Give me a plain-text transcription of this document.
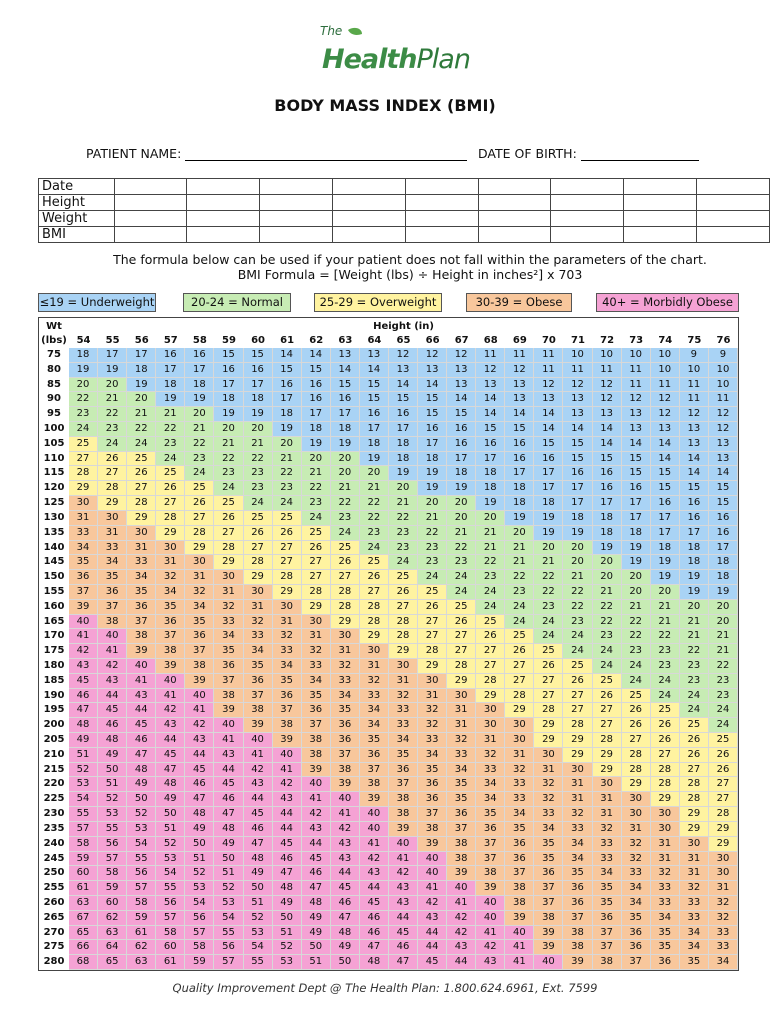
The
HealthPlan
BODY MASS INDEX (BMI)
PATIENT NAME:	DATE OF BIRTH:
Date									
Height									
Weight									
BMI									
The formula below can be used if your patient does not fall within the parameters of the chart.
BMI Formula = [Weight (lbs) ÷ Height in inches²] x 703
≤19 = Underweight	20-24 = Normal	25-29 = Overweight	30-39 = Obese	40+ = Morbidly Obese
Wt
(lbs)
Height (in)
54	55	56	57	58	59	60	61	62	63	64	65	66	67	68	69	70	71	72	73	74	75	76
75	18	17	17	16	16	15	15	14	14	13	13	12	12	12	11	11	11	10	10	10	10	9	9
80	19	19	18	17	17	16	16	15	15	14	14	13	13	13	12	12	11	11	11	11	10	10	10
85	20	20	19	18	18	17	17	16	16	15	15	14	14	13	13	13	12	12	12	11	11	11	10
90	22	21	20	19	19	18	18	17	16	16	15	15	15	14	14	13	13	13	12	12	12	11	11
95	23	22	21	21	20	19	19	18	17	17	16	16	15	15	14	14	14	13	13	13	12	12	12
100	24	23	22	22	21	20	20	19	18	18	17	17	16	16	15	15	14	14	14	13	13	13	12
105	25	24	24	23	22	21	21	20	19	19	18	18	17	16	16	16	15	15	14	14	14	13	13
110	27	26	25	24	23	22	22	21	20	20	19	18	18	17	17	16	16	15	15	15	14	14	13
115	28	27	26	25	24	23	23	22	21	20	20	19	19	18	18	17	17	16	16	15	15	14	14
120	29	28	27	26	25	24	23	23	22	21	21	20	19	19	18	18	17	17	16	16	15	15	15
125	30	29	28	27	26	25	24	24	23	22	22	21	20	20	19	18	18	17	17	17	16	16	15
130	31	30	29	28	27	26	25	25	24	23	22	22	21	20	20	19	19	18	18	17	17	16	16
135	33	31	30	29	28	27	26	26	25	24	23	23	22	21	21	20	19	19	18	18	17	17	16
140	34	33	31	30	29	28	27	27	26	25	24	23	23	22	21	21	20	20	19	19	18	18	17
145	35	34	33	31	30	29	28	27	27	26	25	24	23	23	22	21	21	20	20	19	19	18	18
150	36	35	34	32	31	30	29	28	27	27	26	25	24	24	23	22	22	21	20	20	19	19	18
155	37	36	35	34	32	31	30	29	28	28	27	26	25	24	24	23	22	22	21	20	20	19	19
160	39	37	36	35	34	32	31	30	29	28	28	27	26	25	24	24	23	22	22	21	21	20	20
165	40	38	37	36	35	33	32	31	30	29	28	28	27	26	25	24	24	23	22	22	21	21	20
170	41	40	38	37	36	34	33	32	31	30	29	28	27	27	26	25	24	24	23	22	22	21	21
175	42	41	39	38	37	35	34	33	32	31	30	29	28	27	27	26	25	24	24	23	23	22	21
180	43	42	40	39	38	36	35	34	33	32	31	30	29	28	27	27	26	25	24	24	23	23	22
185	45	43	41	40	39	37	36	35	34	33	32	31	30	29	28	27	27	26	25	24	24	23	23
190	46	44	43	41	40	38	37	36	35	34	33	32	31	30	29	28	27	27	26	25	24	24	23
195	47	45	44	42	41	39	38	37	36	35	34	33	32	31	30	29	28	27	27	26	25	24	24
200	48	46	45	43	42	40	39	38	37	36	34	33	32	31	30	30	29	28	27	26	26	25	24
205	49	48	46	44	43	41	40	39	38	36	35	34	33	32	31	30	29	29	28	27	26	26	25
210	51	49	47	45	44	43	41	40	38	37	36	35	34	33	32	31	30	29	29	28	27	26	26
215	52	50	48	47	45	44	42	41	39	38	37	36	35	34	33	32	31	30	29	28	28	27	26
220	53	51	49	48	46	45	43	42	40	39	38	37	36	35	34	33	32	31	30	29	28	28	27
225	54	52	50	49	47	46	44	43	41	40	39	38	36	35	34	33	32	31	31	30	29	28	27
230	55	53	52	50	48	47	45	44	42	41	40	38	37	36	35	34	33	32	31	30	30	29	28
235	57	55	53	51	49	48	46	44	43	42	40	39	38	37	36	35	34	33	32	31	30	29	29
240	58	56	54	52	50	49	47	45	44	43	41	40	39	38	37	36	35	34	33	32	31	30	29
245	59	57	55	53	51	50	48	46	45	43	42	41	40	38	37	36	35	34	33	32	31	31	30
250	60	58	56	54	52	51	49	47	46	44	43	42	40	39	38	37	36	35	34	33	32	31	30
255	61	59	57	55	53	52	50	48	47	45	44	43	41	40	39	38	37	36	35	34	33	32	31
260	63	60	58	56	54	53	51	49	48	46	45	43	42	41	40	38	37	36	35	34	33	33	32
265	67	62	59	57	56	54	52	50	49	47	46	44	43	42	40	39	38	37	36	35	34	33	32
270	65	63	61	58	57	55	53	51	49	48	46	45	44	42	41	40	39	38	37	36	35	34	33
275	66	64	62	60	58	56	54	52	50	49	47	46	44	43	42	41	39	38	37	36	35	34	33
280	68	65	63	61	59	57	55	53	51	50	48	47	45	44	43	41	40	39	38	37	36	35	34
Quality Improvement Dept @ The Health Plan: 1.800.624.6961, Ext. 7599
